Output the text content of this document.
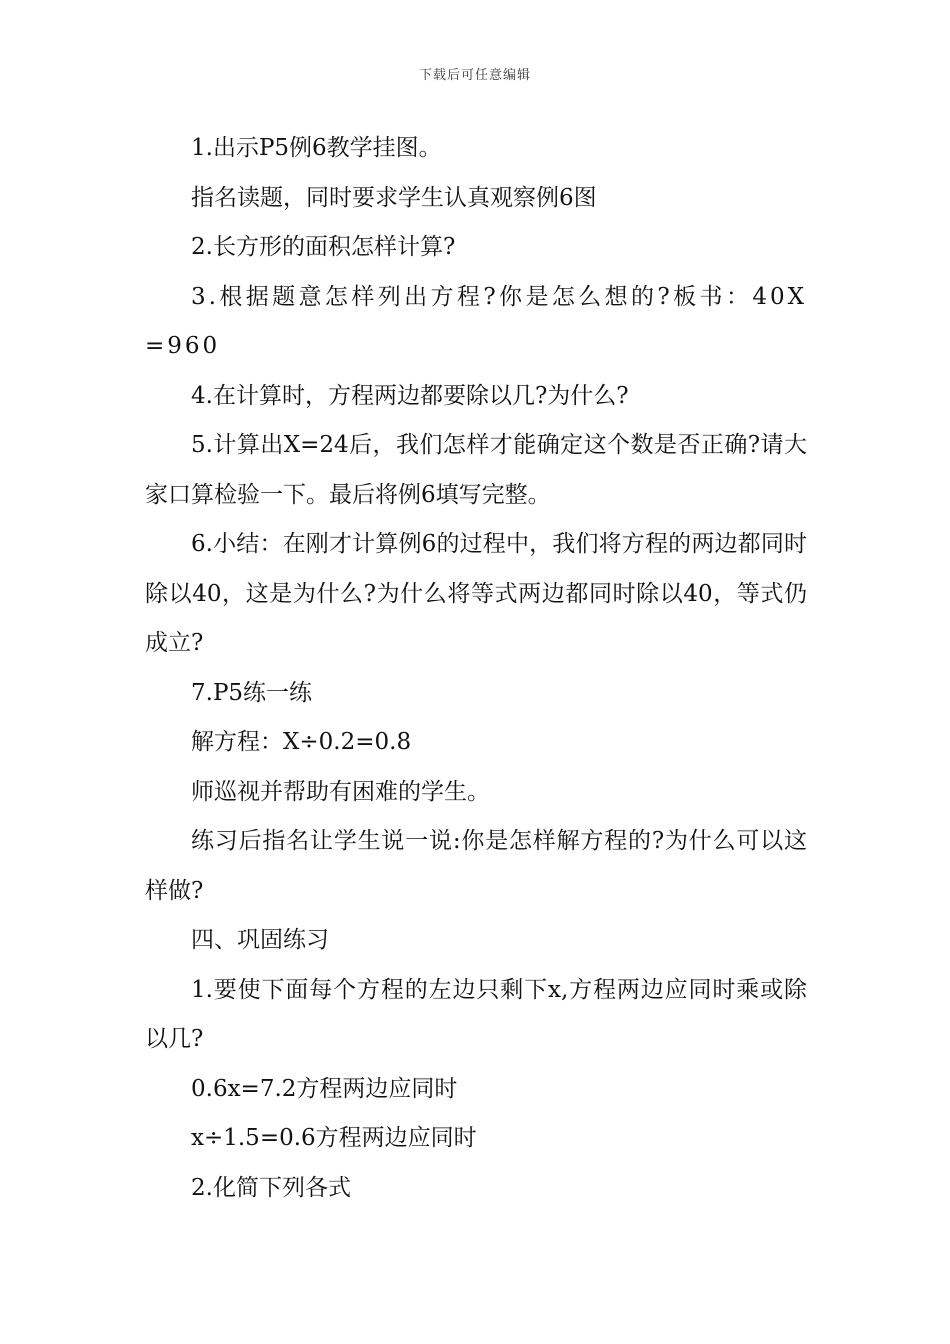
下载后可任意编辑

1.出示P5例6教学挂图。

指名读题，同时要求学生认真观察例6图

2.长方形的面积怎样计算?

3.根据题意怎样列出方程?你是怎么想的?板书：40X=960

4.在计算时，方程两边都要除以几?为什么?

5.计算出X=24后，我们怎样才能确定这个数是否正确?请大家口算检验一下。最后将例6填写完整。

6.小结：在刚才计算例6的过程中，我们将方程的两边都同时除以40，这是为什么?为什么将等式两边都同时除以40，等式仍成立?

7.P5练一练

解方程：X÷0.2=0.8

师巡视并帮助有困难的学生。

练习后指名让学生说一说:你是怎样解方程的?为什么可以这样做?

四、巩固练习

1.要使下面每个方程的左边只剩下x,方程两边应同时乘或除以几?

0.6x=7.2方程两边应同时

x÷1.5=0.6方程两边应同时

2.化简下列各式
